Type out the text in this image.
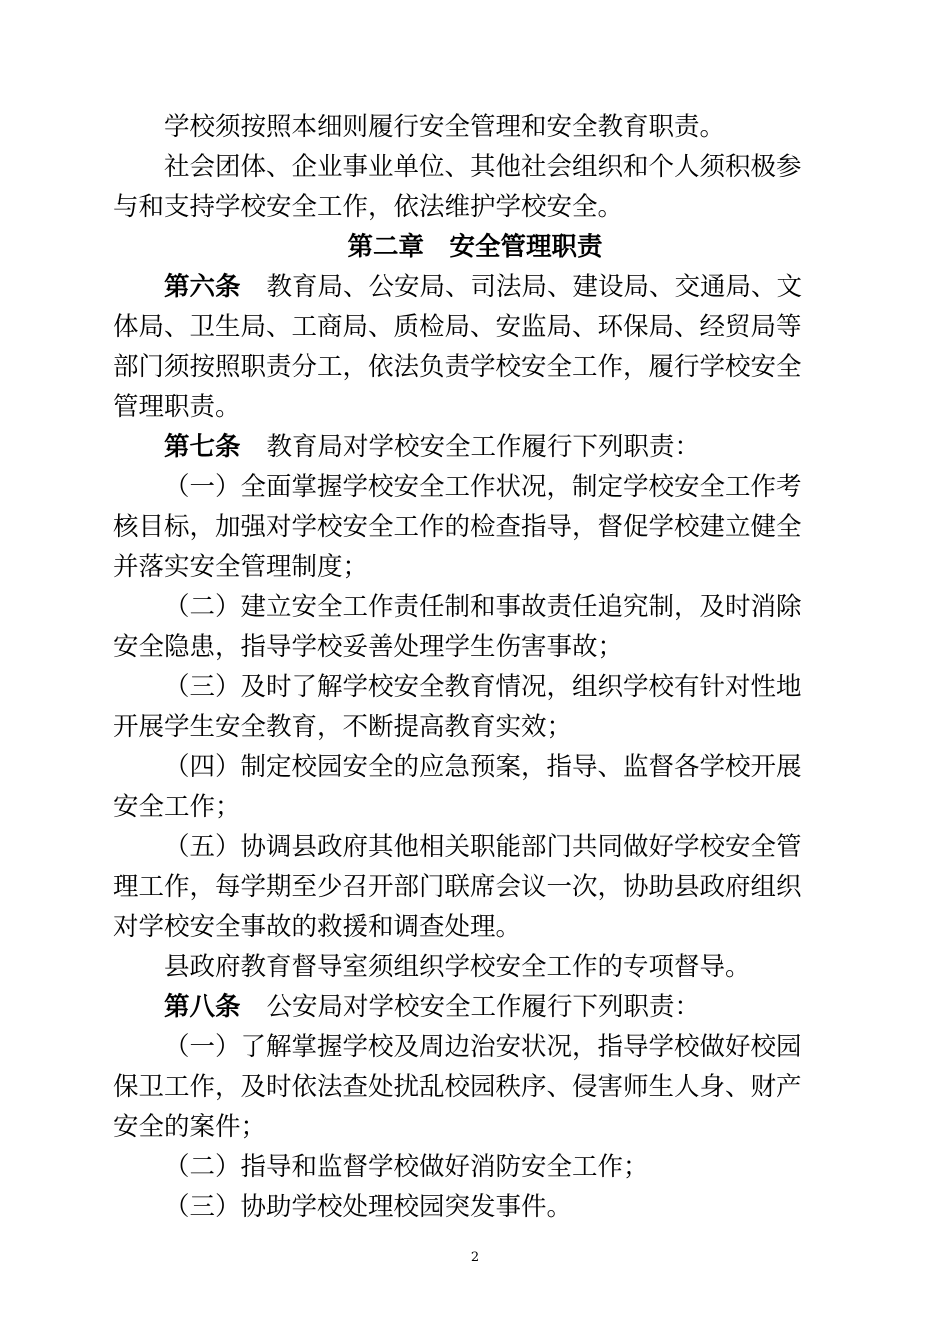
学校须按照本细则履行安全管理和安全教育职责。
社会团体、企业事业单位、其他社会组织和个人须积极参
与和支持学校安全工作，依法维护学校安全。
第二章　安全管理职责
第六条 教育局、公安局、司法局、建设局、交通局、文
体局、卫生局、工商局、质检局、安监局、环保局、经贸局等
部门须按照职责分工，依法负责学校安全工作，履行学校安全
管理职责。
第七条 教育局对学校安全工作履行下列职责：
（一）全面掌握学校安全工作状况，制定学校安全工作考
核目标，加强对学校安全工作的检查指导，督促学校建立健全
并落实安全管理制度；
（二）建立安全工作责任制和事故责任追究制，及时消除
安全隐患，指导学校妥善处理学生伤害事故；
（三）及时了解学校安全教育情况，组织学校有针对性地
开展学生安全教育，不断提高教育实效；
（四）制定校园安全的应急预案，指导、监督各学校开展
安全工作；
（五）协调县政府其他相关职能部门共同做好学校安全管
理工作，每学期至少召开部门联席会议一次，协助县政府组织
对学校安全事故的救援和调查处理。
县政府教育督导室须组织学校安全工作的专项督导。
第八条 公安局对学校安全工作履行下列职责：
（一）了解掌握学校及周边治安状况，指导学校做好校园
保卫工作，及时依法查处扰乱校园秩序、侵害师生人身、财产
安全的案件；
（二）指导和监督学校做好消防安全工作；
（三）协助学校处理校园突发事件。
2
